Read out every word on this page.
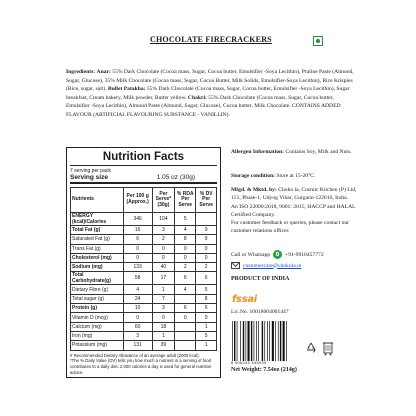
CHOCOLATE FIRECRACKERS
Ingredients: Anar: 55% Dark Chocolate (Cocoa mass, Sugar, Cocoa butter, Emulsifier -Soya Lecithin), Praline Paste (Almond, Sugar, Glucose), 35% Milk Chocolate (Cocoa mass, Sugar, Cocoa Butter, Milk Solids, Emulsifier-Soya Lecithin), Rice Krispies (Rice, sugar, salt). Bullet Patakha: 55% Dark Chocolate (Cocoa mass, Sugar, Cocoa butter, Emulsifier -Soya Lecithin), Sugar breakfast, Cream bakery, Milk powder, Butter yellow. Chakri: 55% Dark Chocolate (Cocoa mass, Sugar, Cocoa butter, Emulsifier -Soya Lecithin), Almond Paste (Almond, Sugar, Glucose), Cocoa butter, Milk Chocolate. CONTAINS ADDED FLAVOUR (ARTIFICIAL FLAVOURING SUBSTANCE - VANILLIN).
Nutrition Facts
7 serving per pack
Serving size	1.05 oz (30g)
Nutrients	Per 100 g (Approx.)	Per Serve* (30g)	% RDA Per Serve	% DV Per Serve
ENERGY (kcal)/Calories	346	104	5	
Total Fat (g)	16	3	4	9
Saturated Fat (g)	6	2	8	9
Trans Fat (g)	0	0	0	0
Cholesterol (mg)	0	0	0	0
Sodium (mg)	133	40	2	2
Total Carbohydrate(g)	58	17	6	6
Dietary Fibre (g)	4	1	4	5
Total sugar (g)	24	7		8
Protein (g)	10	3	6	6
Vitamin D (mcg)	0	0	0	0
Calcium (mg)	60	18		1
Iron (mg)	3	1		5
Potassium (mg)	131	39		1
# Recommended Dietary Allowance of an average adult (2000 kcal).
*The % Daily Value (DV) tells you how much a nutrient in a serving of food contributes to a daily diet. 2,000 calories a day is used for general nutrition advice.
Allergen Information: Contains Soy, Milk and Nuts.
Storage condition: Store at 15-20°C.
Mfgd. & Mktd. by: Choko la, Cosmic Kitchen (P) Ltd, 151, Phase-1, Udyog Vihar, Gurgaon-122016, India.
An ISO 22000:2018, 9001: 2015, HACCP and HALAL Certified Company.
For customer feedback or queries, please contact our customer relations officer.
Call or Whatsapp	+91-9910457772
customercare@chokola.in
PRODUCT OF INDIA
fssai
Lic.No. 10018064001447
8 906044 446939
Net Weight: 7.54oz (214g)
